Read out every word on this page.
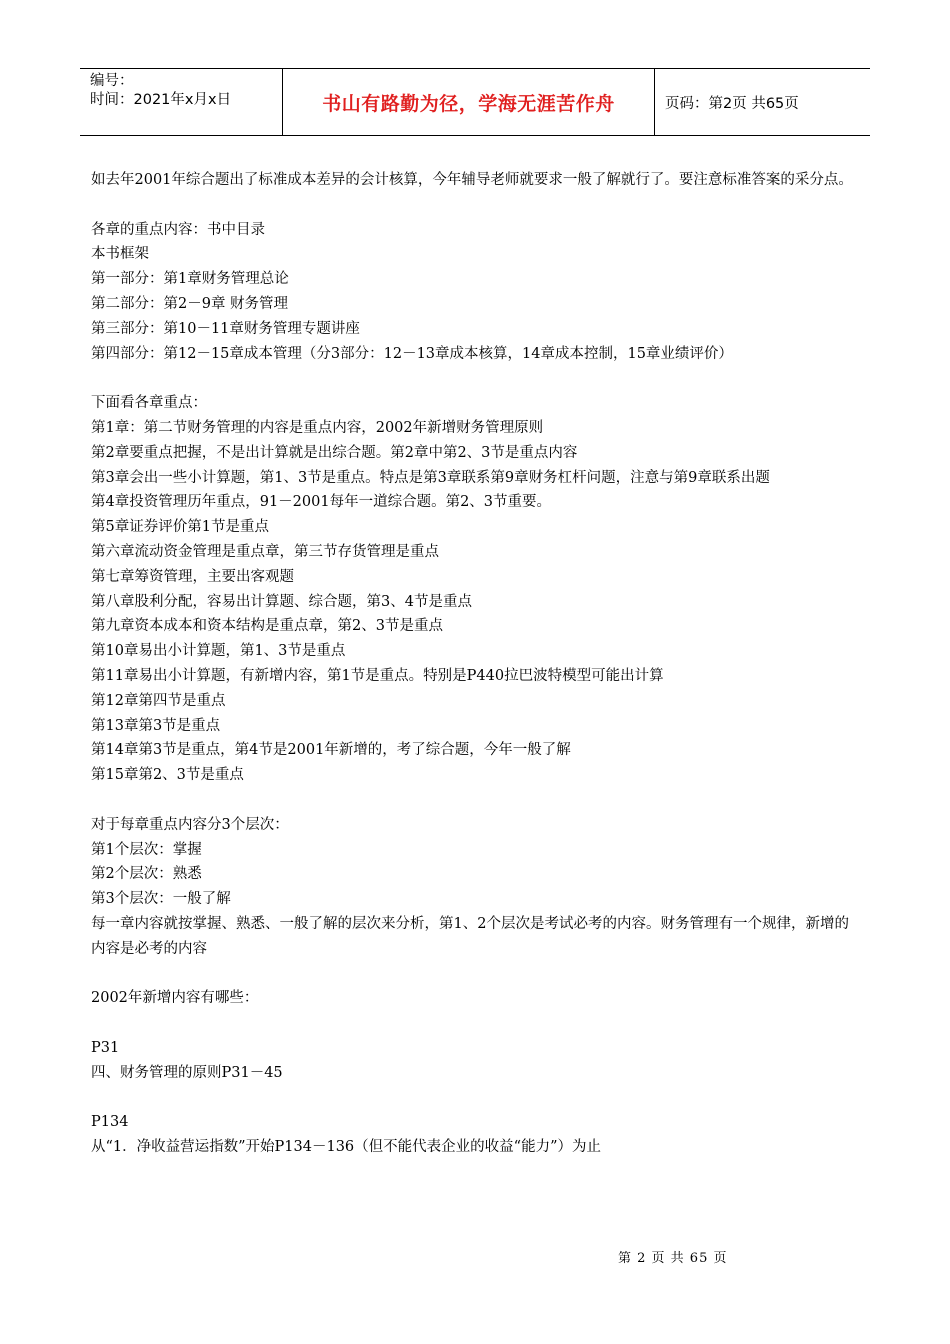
编号：
时间：2021年x月x日	书山有路勤为径，学海无涯苦作舟	页码：第2页 共65页
如去年2001年综合题出了标准成本差异的会计核算，今年辅导老师就要求一般了解就行了。要注意标准答案的采分点。
各章的重点内容：书中目录
本书框架
第一部分：第1章财务管理总论
第二部分：第2－9章 财务管理
第三部分：第10－11章财务管理专题讲座
第四部分：第12－15章成本管理（分3部分：12－13章成本核算，14章成本控制，15章业绩评价）
下面看各章重点：
第1章：第二节财务管理的内容是重点内容，2002年新增财务管理原则
第2章要重点把握，不是出计算就是出综合题。第2章中第2、3节是重点内容
第3章会出一些小计算题，第1、3节是重点。特点是第3章联系第9章财务杠杆问题，注意与第9章联系出题
第4章投资管理历年重点，91－2001每年一道综合题。第2、3节重要。
第5章证券评价第1节是重点
第六章流动资金管理是重点章，第三节存货管理是重点
第七章筹资管理，主要出客观题
第八章股利分配，容易出计算题、综合题，第3、4节是重点
第九章资本成本和资本结构是重点章，第2、3节是重点
第10章易出小计算题，第1、3节是重点
第11章易出小计算题，有新增内容，第1节是重点。特别是P440拉巴波特模型可能出计算
第12章第四节是重点
第13章第3节是重点
第14章第3节是重点，第4节是2001年新增的，考了综合题，今年一般了解
第15章第2、3节是重点
对于每章重点内容分3个层次：
第1个层次：掌握
第2个层次：熟悉
第3个层次：一般了解
每一章内容就按掌握、熟悉、一般了解的层次来分析，第1、2个层次是考试必考的内容。财务管理有一个规律，新增的内容是必考的内容
2002年新增内容有哪些：
P31
四、财务管理的原则P31－45
P134
从“1．净收益营运指数”开始P134－136（但不能代表企业的收益“能力”）为止
第 2 页 共 65 页
